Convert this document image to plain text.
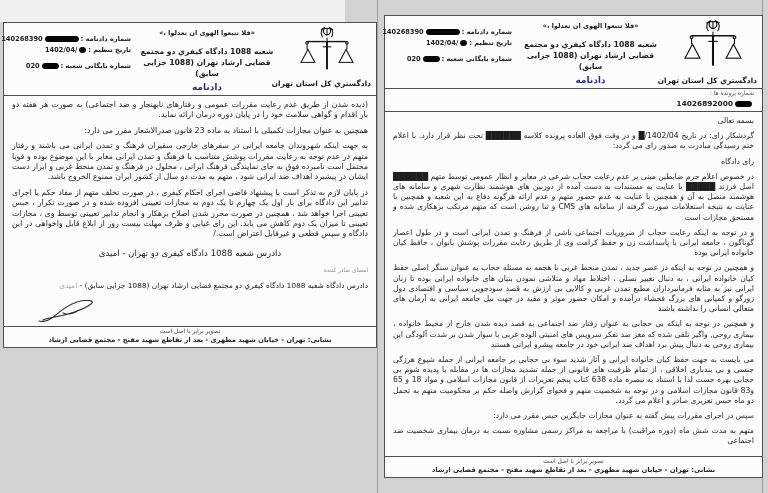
دادگستري کل استان تهران
«فلا تتبعوا الهوی ان تعدلوا ،»
شعبه 1088 دادگاه کیفري دو مجتمع قضایی ارشاد تهران (1088 جزایی سابق)
دادنامه
شماره دادنامه :
140268390
تاریخ تنظیم :
1402/04/
شماره بایگانی شعبه :
020
شماره پرونده ها :
14026892000

بسمه تعالی

گردشکار رای: در تاریخ 1402/04/█ و در وقت فوق العاده پرونده کلاسه ██████ تحت نظر قرار دارد. با اعلام ختم رسیدگی مبادرت به صدور رای می گردد:

رای دادگاه

در خصوص اعلام جرم ضابطین مبنی بر عدم رعایت حجاب شرعی در معابر و انظار عمومی توسط متهم ██████ اصل فرزند █████ با عنایت به مستندات به دست آمده از دوربین های هوشمند نظارت شهری و سامانه های هوشمند متصل به آن و همچنین با عنایت به عدم حضور متهم و عدم ارائه هرگونه دفاع به این شعبه و همچنین با عنایت به نتیجه استعلامات صورت گرفته از سامانه های CMS و ثنا روشن است که متهم مرتکب بزهکاری شده و مستحق مجازات است

و در توجه به اینکه رعایت حجاب از ضروریات اجتماعی ناشی از فرهنگ و تمدن ایرانی است و در طول اعصار گوناگون ، جامعه ایرانی با پاسداشت زن و حفظ کرامت وی از طریق رعایت مقررات پوشش بانوان ، حافظ کیان خانواده ایرانی بوده

و همچنین در توجه به اینکه در عصر جدید ، تمدن منحط غربی با هجمه به مسئله حجاب به عنوان سنگر اصلی حفظ کیان خانواده ایرانی ، به دنبال تغییر نسلی ، اختلاط مهاد و متلاشی نمودن بنیان های خانواده ایرانی بوده تا زنان ایرانی نیز به مثابه فرمانبرداران مطیع تمدن غربی و کالایی بی ارزش به قصد سودجویی سیاسی و اقتصادی دول زورگو و کمپانی های بزرگ فحشاء درآمده و امکان حضور موثر و مفید در جهت نیل جامعه ایرانی به آرمان های متعالی انسانی را نداشته باشند

و همچنین در توجه به اینکه بی حجابی به عنوان رفتار ضد اجتماعی به قصد دیده شدن خارج از محیط خانواده ، بیماری روحی, واگیر تلقی شده که مغز ضد تفکر سرویس های امنیتی الوده غربی با سوار شدن بر شدت آلودگی این بیماری روحی به دنبال پیش برد اهداف ضد ایرانی خود در جامعه پیشرو ایرانی هستند

می بایست به جهت حفظ کیان خانواده ایرانی و آثار شدید سوء بی حجابی بر جامعه ایرانی از جمله شیوع هرزگی جنسی و بی بندباری اخلاقی ، از تمام ظرفیت های قانونی از جمله تشدید مجازات ها در مقابله با پدیده شوم بی حجابی بهره جست لذا با استناد به تبصره ماده 638 کتاب پنجم تعزیرات از قانون مجازات اسلامی و مواد 18 و 65 و83 قانون مجازات اسلامی و در توجه به شخصیت متهم و فحوای گزارش واصله حکم بر محکومیت متهم به تحمل دو ماه حبس تعزیری صادر و اعلام می گردد.

سپس در اجرای مقررات پیش گفته به عنوان مجازات جایگزین حبس مقرر می دارد:

متهم به مدت شش ماه (دوره مراقبت) با مراجعه به مراکز رسمی مشاوره نسبت به درمان بیماری شخصیت ضد اجتماعی

تصویر برابر با اصل است
نشانی: تهران - خیابان شهید مطهری - بعد از تقاطع شهید مفتح - مجتمع قضایی ارشاد
دادگستري کل استان تهران
«فلا تتبعوا الهوی ان تعدلوا ،»
شعبه 1088 دادگاه کیفري دو مجتمع قضایی ارشاد تهران (1088 جزایی سابق)
دادنامه
شماره دادنامه :
140268390
تاریخ تنظیم :
1402/04/
شماره بایگانی شعبه :
020

(دیده شدن از طریق عدم رعایت مقررات عمومی و رفتارهای نابهنجار و ضد اجتماعی) به صورت هر هفته دو بار اقدام و گواهی سلامت خود را در پایان دوره درمان ارائه نماید.

همچنین به عنوان مجازات تکمیلی با استناد به ماده 23 قانون صدرالاشعار مقرر می دارد:

به جهت اینکه شهروندان جامعه ایرانی در سفرهای خارجی سفیران فرهنگ و تمدن ایرانی می باشند و رفتار متهم در عدم توجه به رعایت مقررات پوشش متناسب با فرهنگ و تمدن ایرانی مغایر با این موضوع بوده و قویا محتمل است نامبرده فوق به جای نمایندگی فرهنگ ایرانی ، محلول در فرهنگ و تمدن منحط غربی و ابزار دست ایشان در پیشبرد اهداف ضد ایرانی شود ، متهم به مدت دو سال از کشور ایران ممنوع الخروج باشد.

در پایان لازم به تذکر است با پیشنهاد قاضی اجرای احکام کیفری ، در صورت تخلف متهم از مفاد حکم یا اجرای تدابیر این دادگاه برای بار اول یک چهارم تا یک دوم به مجازات تعیینی افزوده شده و در صورت تکرار ، حبس تعیینی اجرا خواهد شد ، همچنین در صورت محرز شدن اصلاح بزهکار و انجام تدابیر تعیینی توسط وی ، مجازات تعیینی تا میزان یک دوم کاهش می یابد. این رای غیابی و ظرف مهلت بیست روز از ابلاغ قابل واخواهی در این دادگاه و سپس قطعی و غیرقابل اعتراض است./

دادرس شعبه 1088 دادگاه کیفری دو تهران - امیدی
امضای صادر کننده
دادرس دادگاه شعبه 1088 دادگاه کیفري دو مجتمع قضایی ارشاد تهران (1088 جزایی سابق) - امیدی
تصویر برابر با اصل است
نشانی: تهران - خیابان شهید مطهری - بعد از تقاطع شهید مفتح - مجتمع قضایی ارشاد
